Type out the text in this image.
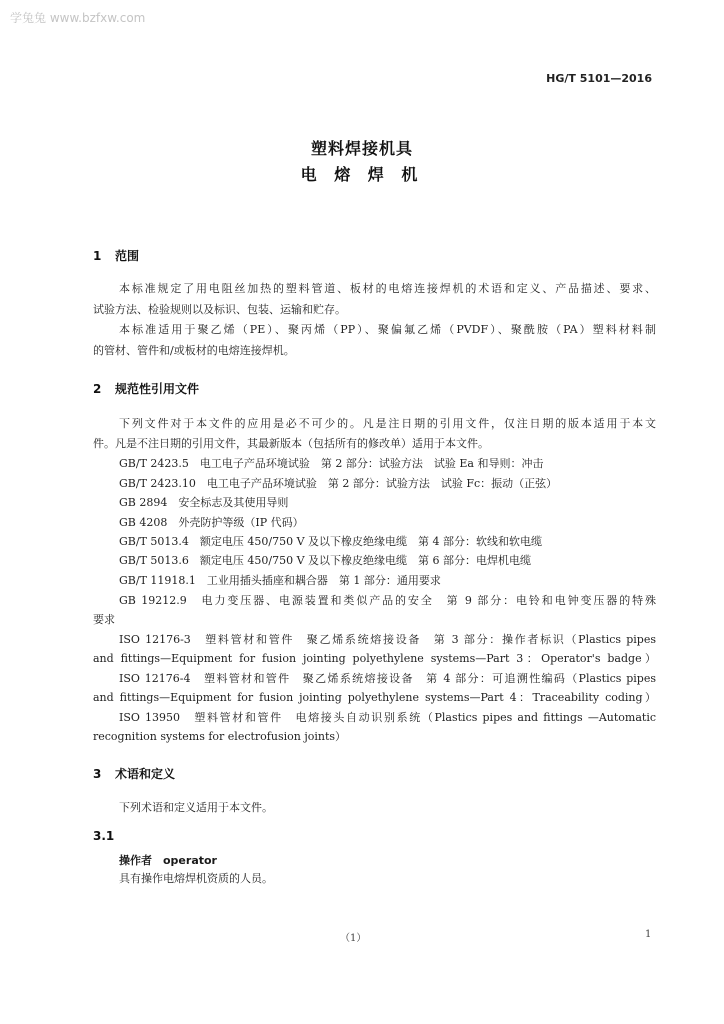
学兔兔 www.bzfxw.com
HG/T 5101—2016
塑料焊接机具
电 熔 焊 机
1 范围
本标准规定了用电阻丝加热的塑料管道、板材的电熔连接焊机的术语和定义、产品描述、要求、
试验方法、检验规则以及标识、包装、运输和贮存。
本标准适用于聚乙烯（PE）、聚丙烯（PP）、聚偏氟乙烯（PVDF）、聚酰胺（PA）塑料材料制
的管材、管件和/或板材的电熔连接焊机。
2 规范性引用文件
下列文件对于本文件的应用是必不可少的。凡是注日期的引用文件，仅注日期的版本适用于本文
件。凡是不注日期的引用文件，其最新版本（包括所有的修改单）适用于本文件。
GB/T 2423.5　电工电子产品环境试验　第 2 部分：试验方法　试验 Ea 和导则：冲击
GB/T 2423.10　电工电子产品环境试验　第 2 部分：试验方法　试验 Fc：振动（正弦）
GB 2894　安全标志及其使用导则
GB 4208　外壳防护等级（IP 代码）
GB/T 5013.4　额定电压 450/750 V 及以下橡皮绝缘电缆　第 4 部分：软线和软电缆
GB/T 5013.6　额定电压 450/750 V 及以下橡皮绝缘电缆　第 6 部分：电焊机电缆
GB/T 11918.1　工业用插头插座和耦合器　第 1 部分：通用要求
GB 19212.9　电力变压器、电源装置和类似产品的安全　第 9 部分：电铃和电钟变压器的特殊
要求
ISO 12176-3　塑料管材和管件　聚乙烯系统熔接设备　第 3 部分：操作者标识（Plastics pipes
and fittings—Equipment for fusion jointing polyethylene systems—Part 3：Operator's badge）
ISO 12176-4　塑料管材和管件　聚乙烯系统熔接设备　第 4 部分：可追溯性编码（Plastics pipes
and fittings—Equipment for fusion jointing polyethylene systems—Part 4：Traceability coding）
ISO 13950　塑料管材和管件　电熔接头自动识别系统（Plastics pipes and fittings —Automatic
recognition systems for electrofusion joints）
3 术语和定义
下列术语和定义适用于本文件。
3.1
操作者　operator
具有操作电熔焊机资质的人员。
（1）	1
